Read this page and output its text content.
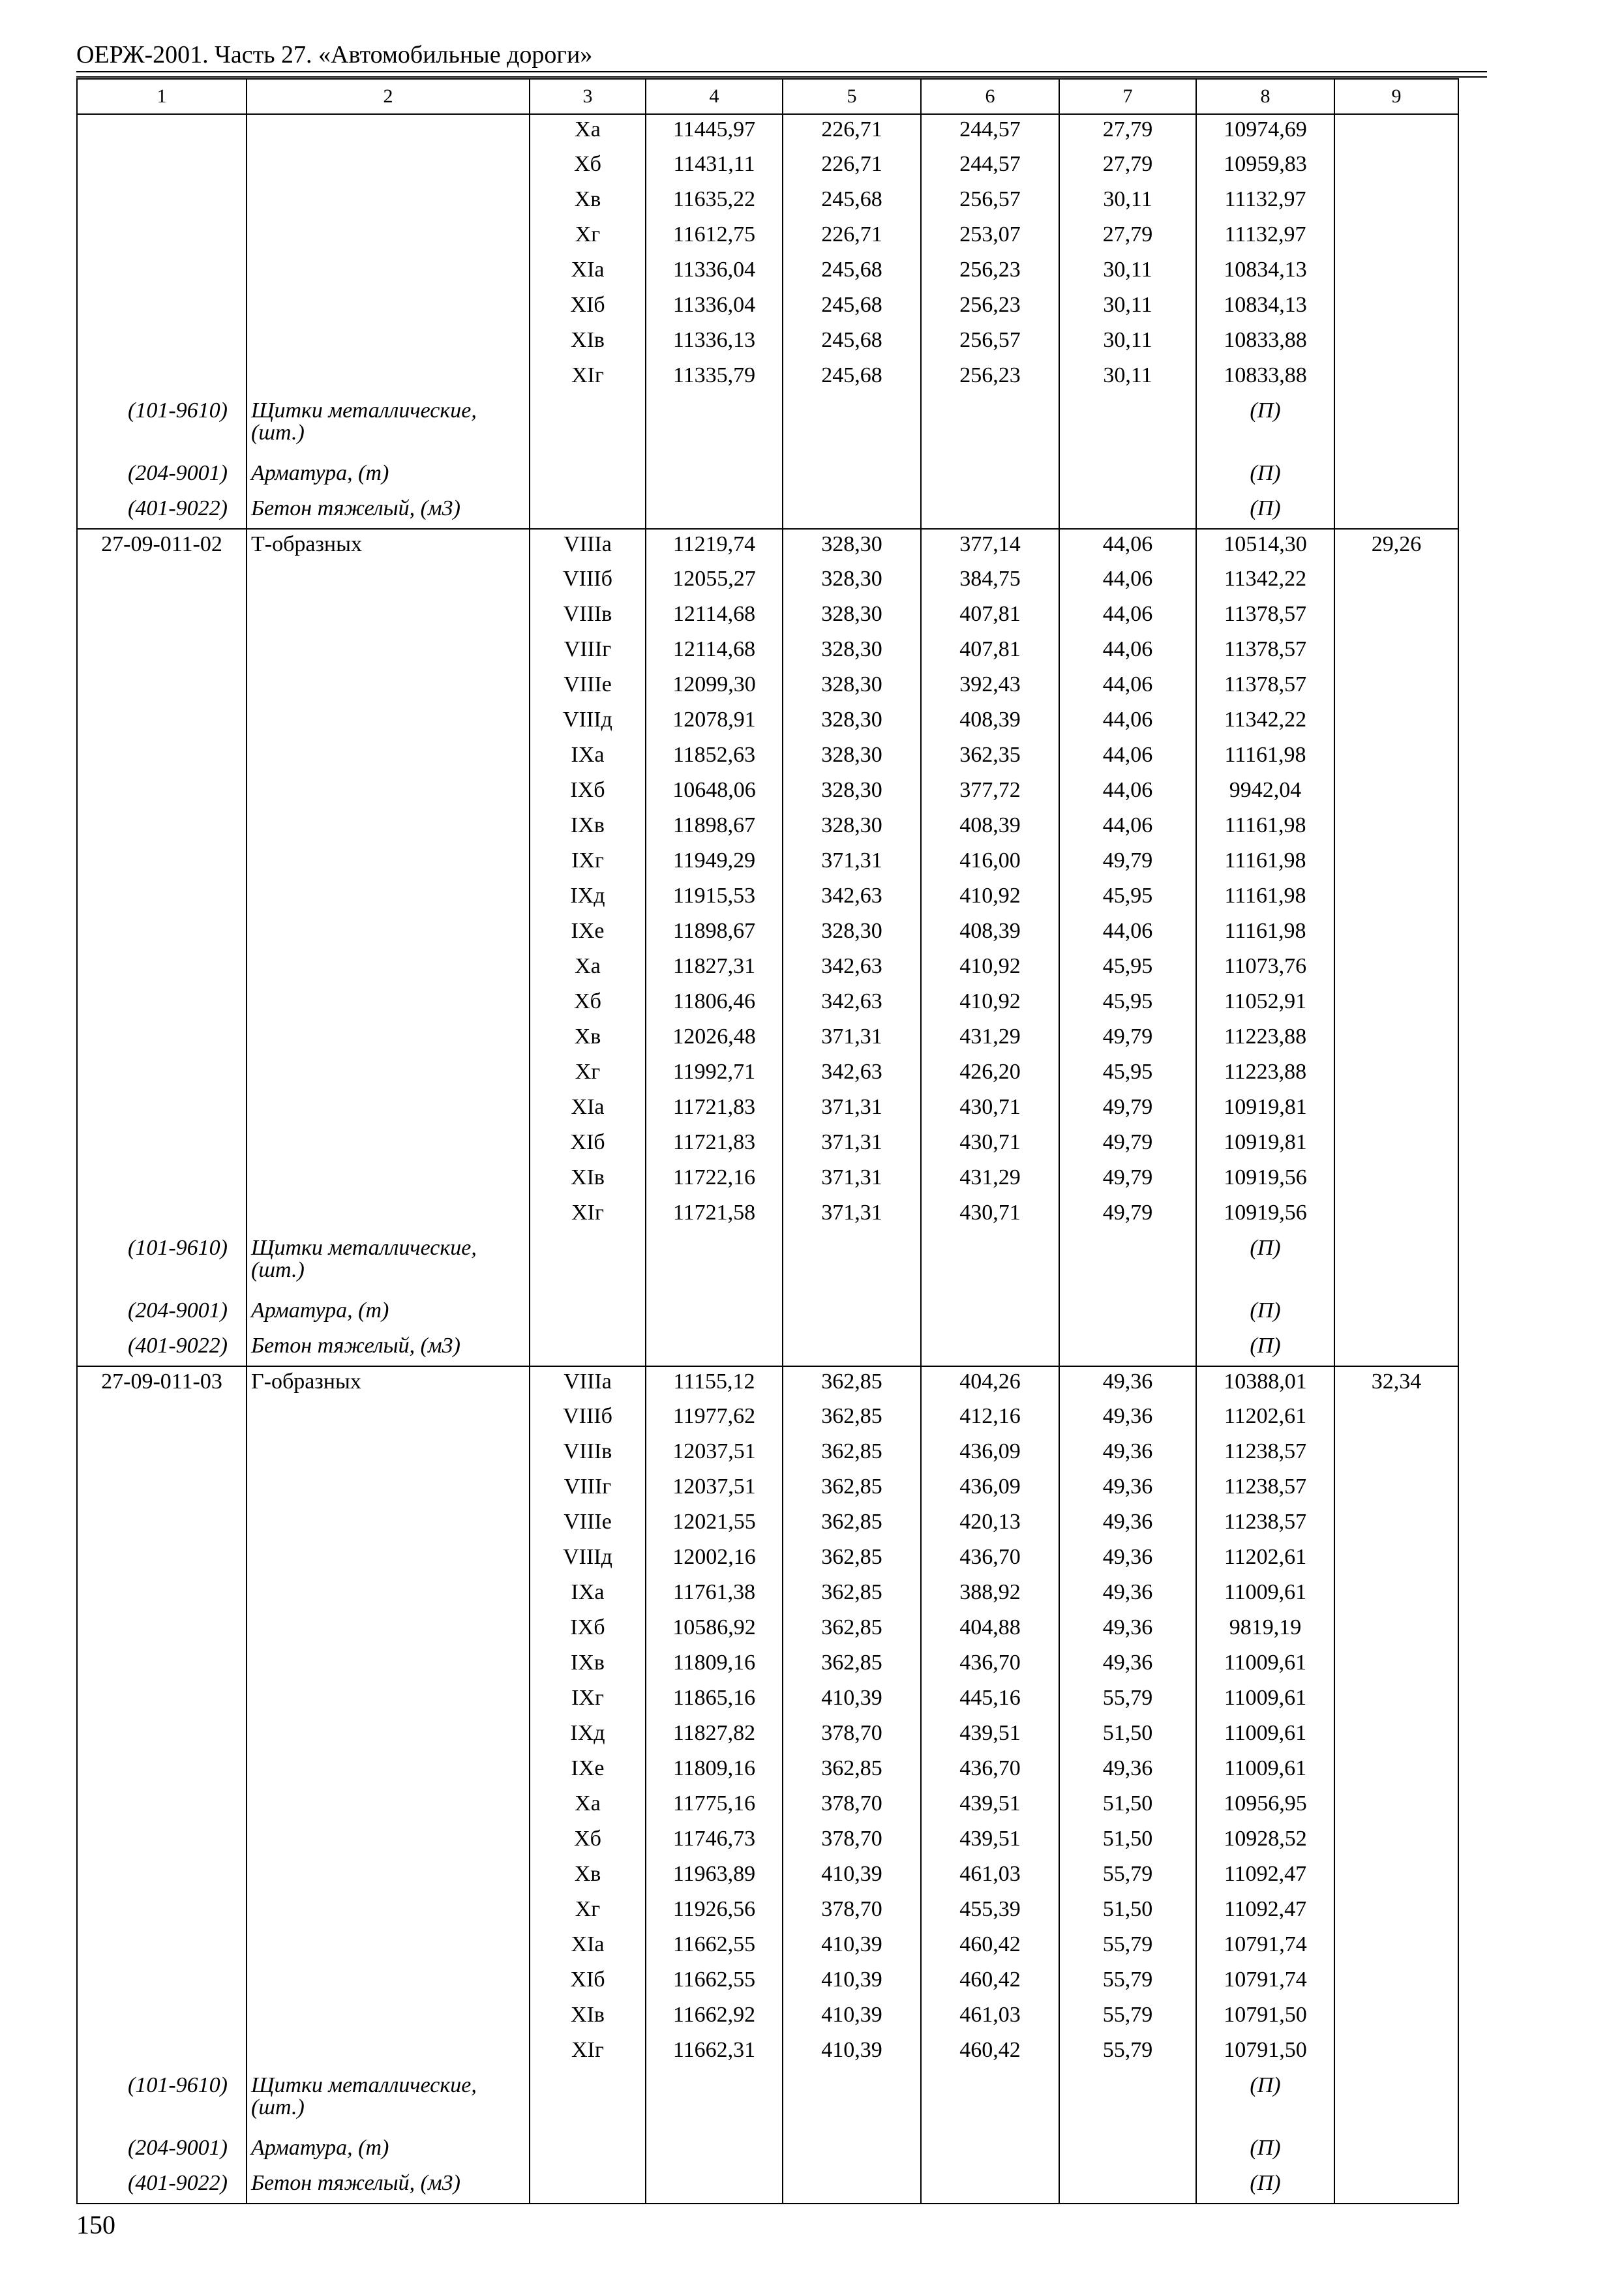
ОЕРЖ-2001. Часть 27. «Автомобильные дороги»
1	2	3	4	5	6	7	8	9
		Xa	11445,97	226,71	244,57	27,79	10974,69	
		Xб	11431,11	226,71	244,57	27,79	10959,83	
		Xв	11635,22	245,68	256,57	30,11	11132,97	
		Xг	11612,75	226,71	253,07	27,79	11132,97	
		XIa	11336,04	245,68	256,23	30,11	10834,13	
		XIб	11336,04	245,68	256,23	30,11	10834,13	
		XIв	11336,13	245,68	256,57	30,11	10833,88	
		XIг	11335,79	245,68	256,23	30,11	10833,88	
(101-9610)	Щитки металлические, (шт.)						(П)	
(204-9001)	Арматура, (т)						(П)	
(401-9022)	Бетон тяжелый, (м3)						(П)	
27-09-011-02	Т-образных	VIIIa	11219,74	328,30	377,14	44,06	10514,30	29,26
		VIIIб	12055,27	328,30	384,75	44,06	11342,22	
		VIIIв	12114,68	328,30	407,81	44,06	11378,57	
		VIIIг	12114,68	328,30	407,81	44,06	11378,57	
		VIIIe	12099,30	328,30	392,43	44,06	11378,57	
		VIIIд	12078,91	328,30	408,39	44,06	11342,22	
		IXa	11852,63	328,30	362,35	44,06	11161,98	
		IXб	10648,06	328,30	377,72	44,06	9942,04	
		IXв	11898,67	328,30	408,39	44,06	11161,98	
		IXг	11949,29	371,31	416,00	49,79	11161,98	
		IXд	11915,53	342,63	410,92	45,95	11161,98	
		IXe	11898,67	328,30	408,39	44,06	11161,98	
		Xa	11827,31	342,63	410,92	45,95	11073,76	
		Xб	11806,46	342,63	410,92	45,95	11052,91	
		Xв	12026,48	371,31	431,29	49,79	11223,88	
		Xг	11992,71	342,63	426,20	45,95	11223,88	
		XIa	11721,83	371,31	430,71	49,79	10919,81	
		XIб	11721,83	371,31	430,71	49,79	10919,81	
		XIв	11722,16	371,31	431,29	49,79	10919,56	
		XIг	11721,58	371,31	430,71	49,79	10919,56	
(101-9610)	Щитки металлические, (шт.)						(П)	
(204-9001)	Арматура, (т)						(П)	
(401-9022)	Бетон тяжелый, (м3)						(П)	
27-09-011-03	Г-образных	VIIIa	11155,12	362,85	404,26	49,36	10388,01	32,34
		VIIIб	11977,62	362,85	412,16	49,36	11202,61	
		VIIIв	12037,51	362,85	436,09	49,36	11238,57	
		VIIIг	12037,51	362,85	436,09	49,36	11238,57	
		VIIIe	12021,55	362,85	420,13	49,36	11238,57	
		VIIIд	12002,16	362,85	436,70	49,36	11202,61	
		IXa	11761,38	362,85	388,92	49,36	11009,61	
		IXб	10586,92	362,85	404,88	49,36	9819,19	
		IXв	11809,16	362,85	436,70	49,36	11009,61	
		IXг	11865,16	410,39	445,16	55,79	11009,61	
		IXд	11827,82	378,70	439,51	51,50	11009,61	
		IXe	11809,16	362,85	436,70	49,36	11009,61	
		Xa	11775,16	378,70	439,51	51,50	10956,95	
		Xб	11746,73	378,70	439,51	51,50	10928,52	
		Xв	11963,89	410,39	461,03	55,79	11092,47	
		Xг	11926,56	378,70	455,39	51,50	11092,47	
		XIa	11662,55	410,39	460,42	55,79	10791,74	
		XIб	11662,55	410,39	460,42	55,79	10791,74	
		XIв	11662,92	410,39	461,03	55,79	10791,50	
		XIг	11662,31	410,39	460,42	55,79	10791,50	
(101-9610)	Щитки металлические, (шт.)						(П)	
(204-9001)	Арматура, (т)						(П)	
(401-9022)	Бетон тяжелый, (м3)						(П)	
150
